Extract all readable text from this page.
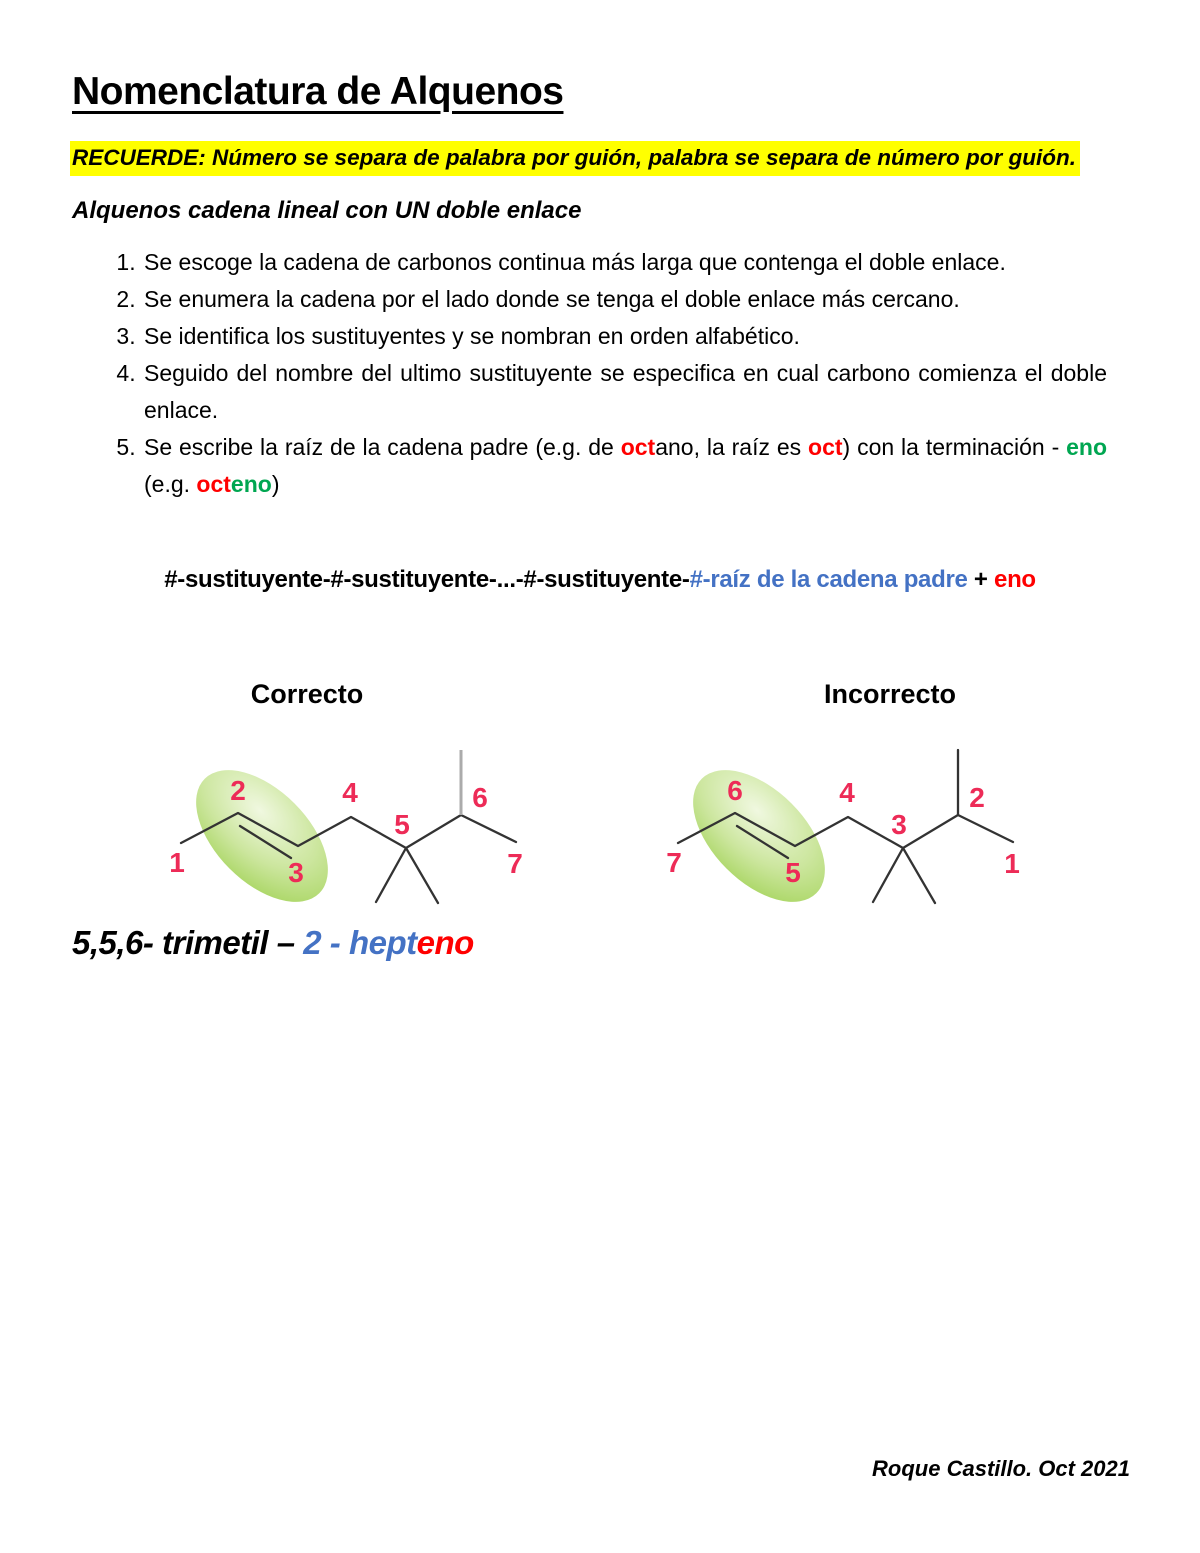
Nomenclatura de Alquenos

RECUERDE: Número se separa de palabra por guión, palabra se separa de número por guión.

Alquenos cadena lineal con UN doble enlace

1. Se escoge la cadena de carbonos continua más larga que contenga el doble enlace.
2. Se enumera la cadena por el lado donde se tenga el doble enlace más cercano.
3. Se identifica los sustituyentes y se nombran en orden alfabético.
4. Seguido del nombre del ultimo sustituyente se especifica en cual carbono comienza el doble enlace.
5. Se escribe la raíz de la cadena padre (e.g. de octano, la raíz es oct) con la terminación - eno (e.g. octeno)

#-sustituyente-#-sustituyente-...-#-sustituyente-#-raíz de la cadena padre + eno

Correcto	Incorrecto
1
2
3
4
5
6
7	7
6
5
4
3
2
1

5,5,6- trimetil – 2 - hepteno

Roque Castillo. Oct 2021
